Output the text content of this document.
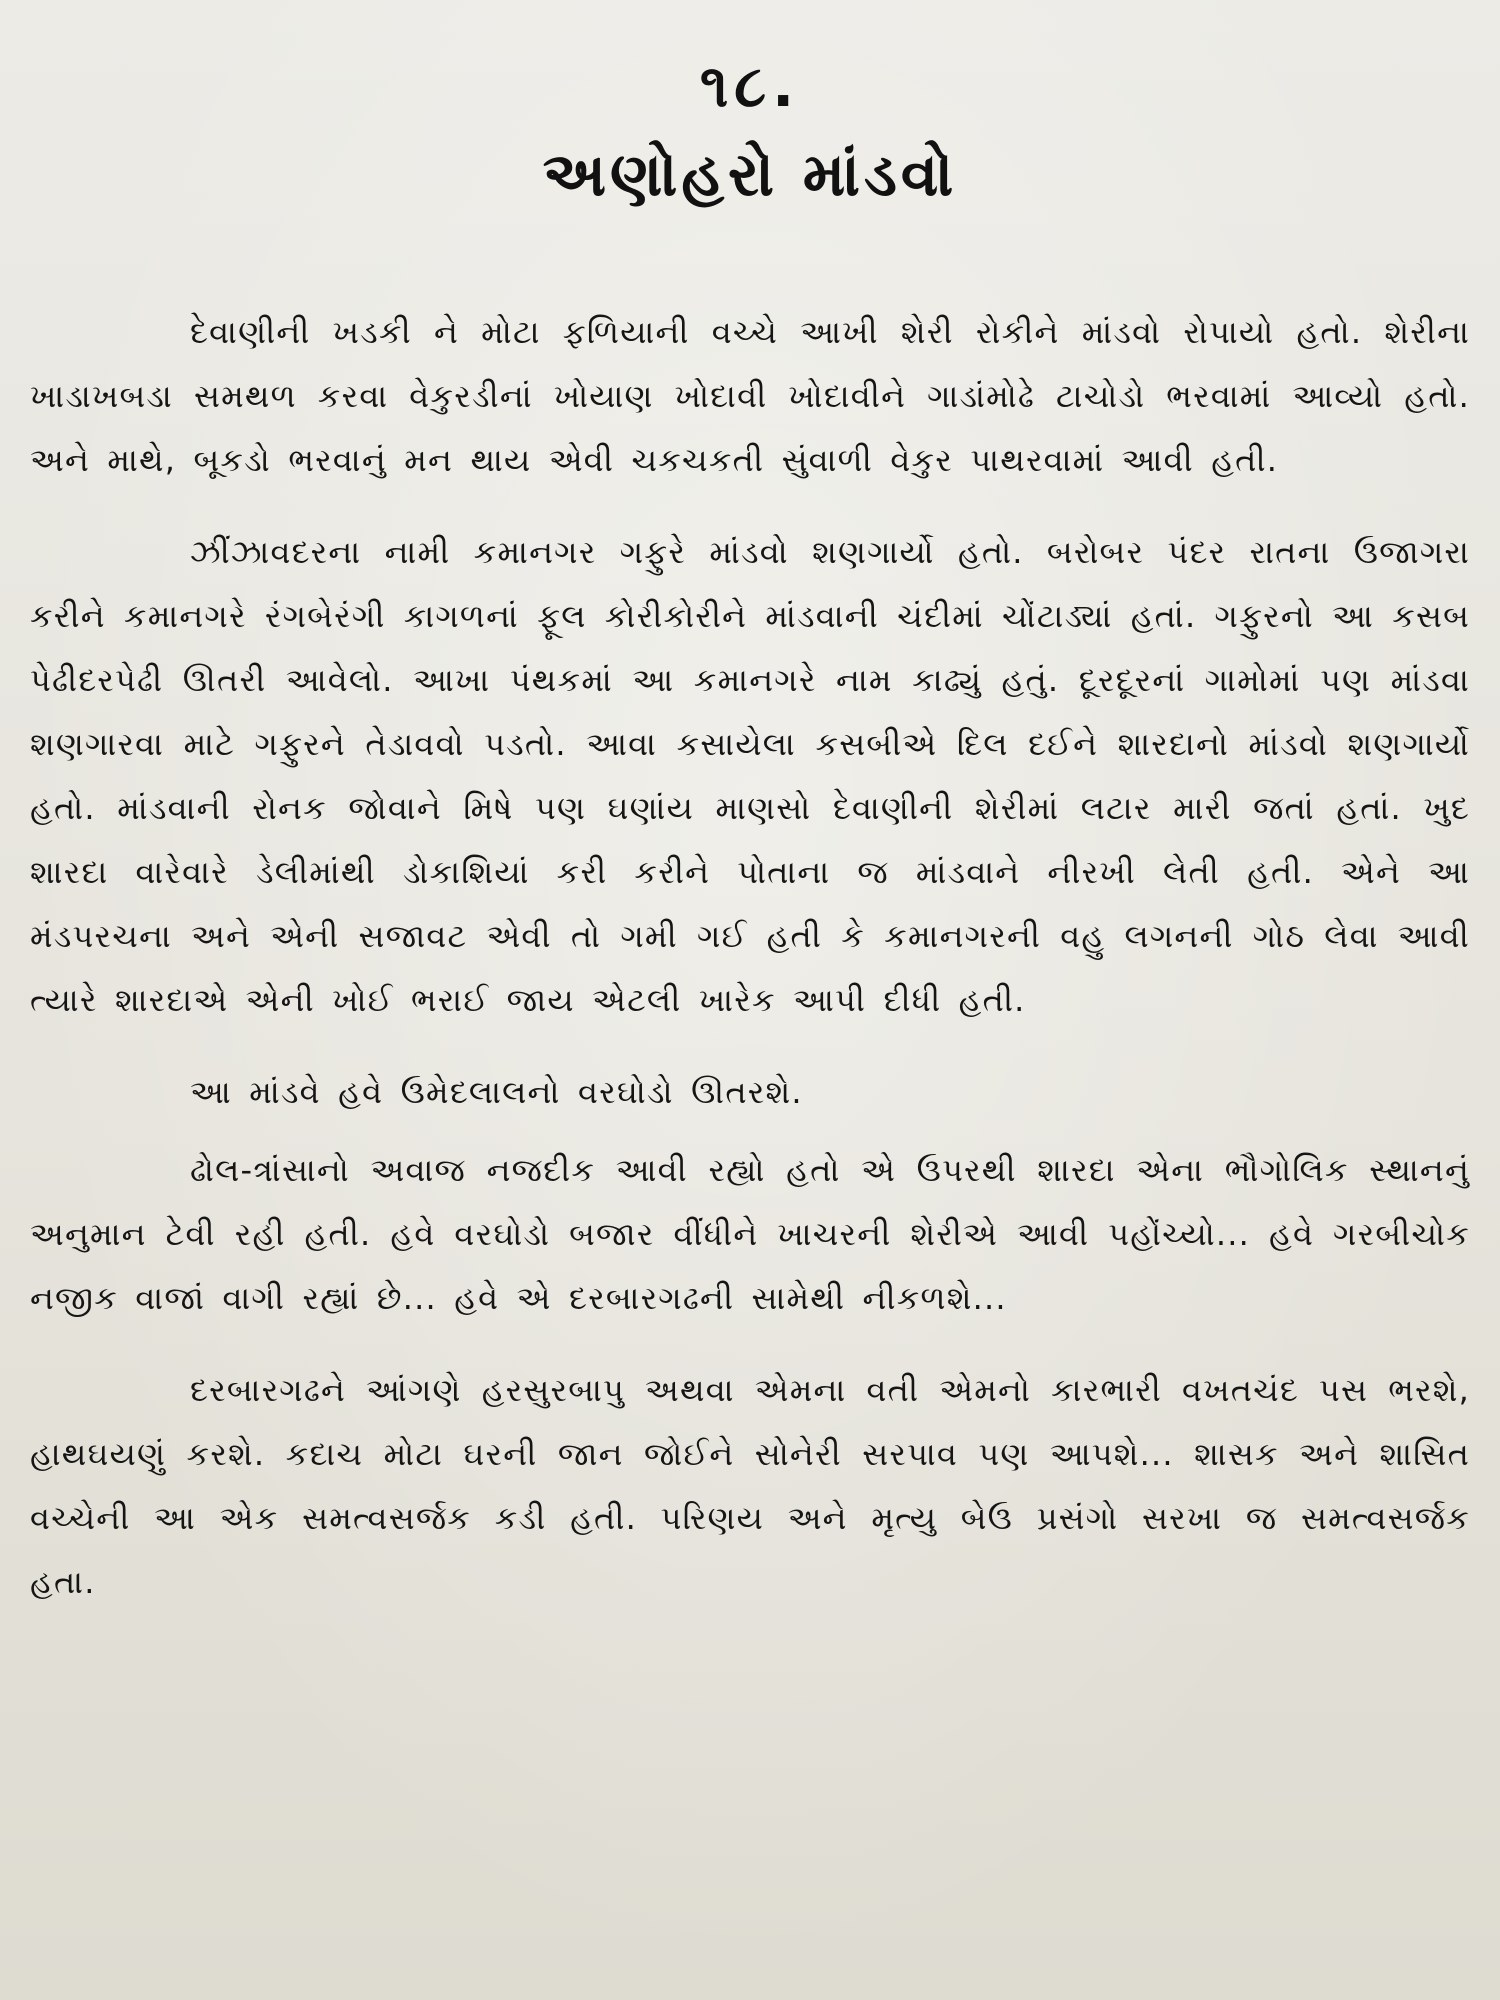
૧૮.
અણોહરો માંડવો

દેવાણીની ખડકી ને મોટા ફળિયાની વચ્ચે આખી શેરી રોકીને માંડવો રોપાયો હતો. શેરીના ખાડાખબડા સમથળ કરવા વેકુરડીનાં ખોયાણ ખોદાવી ખોદાવીને ગાડાંમોઢે ટાચોડો ભરવામાં આવ્યો હતો. અને માથે, બૂકડો ભરવાનું મન થાય એવી ચકચકતી સુંવાળી વેકુર પાથરવામાં આવી હતી.

ઝીંઝાવદરના નામી કમાનગર ગફુરે માંડવો શણગાર્યો હતો. બરોબર પંદર રાતના ઉજાગરા કરીને કમાનગરે રંગબેરંગી કાગળનાં ફૂલ કોરીકોરીને માંડવાની ચંદીમાં ચોંટાડ્યાં હતાં. ગફુરનો આ કસબ પેઢીદરપેઢી ઊતરી આવેલો. આખા પંથકમાં આ કમાનગરે નામ કાઢ્યું હતું. દૂરદૂરનાં ગામોમાં પણ માંડવા શણગારવા માટે ગફુરને તેડાવવો પડતો. આવા કસાયેલા કસબીએ દિલ દઈને શારદાનો માંડવો શણગાર્યો હતો. માંડવાની રોનક જોવાને મિષે પણ ઘણાંય માણસો દેવાણીની શેરીમાં લટાર મારી જતાં હતાં. ખુદ શારદા વારેવારે ડેલીમાંથી ડોકાશિયાં કરી કરીને પોતાના જ માંડવાને નીરખી લેતી હતી. એને આ મંડપરચના અને એની સજાવટ એવી તો ગમી ગઈ હતી કે કમાનગરની વહુ લગનની ગોઠ લેવા આવી ત્યારે શારદાએ એની ખોઈ ભરાઈ જાય એટલી ખારેક આપી દીધી હતી.

આ માંડવે હવે ઉમેદલાલનો વરઘોડો ઊતરશે.

ઢોલ-ત્રાંસાનો અવાજ નજદીક આવી રહ્યો હતો એ ઉપરથી શારદા એના ભૌગોલિક સ્થાનનું અનુમાન ટેવી રહી હતી. હવે વરઘોડો બજાર વીંધીને ખાચરની શેરીએ આવી પહોંચ્યો... હવે ગરબીચોક નજીક વાજાં વાગી રહ્યાં છે... હવે એ દરબારગઢની સામેથી નીકળશે...

દરબારગઢને આંગણે હરસુરબાપુ અથવા એમના વતી એમનો કારભારી વખતચંદ પસ ભરશે, હાથઘયણું કરશે. કદાચ મોટા ઘરની જાન જોઈને સોનેરી સરપાવ પણ આપશે... શાસક અને શાસિત વચ્ચેની આ એક સમત્વસર્જક કડી હતી. પરિણય અને મૃત્યુ બેઉ પ્રસંગો સરખા જ સમત્વસર્જક હતા.
